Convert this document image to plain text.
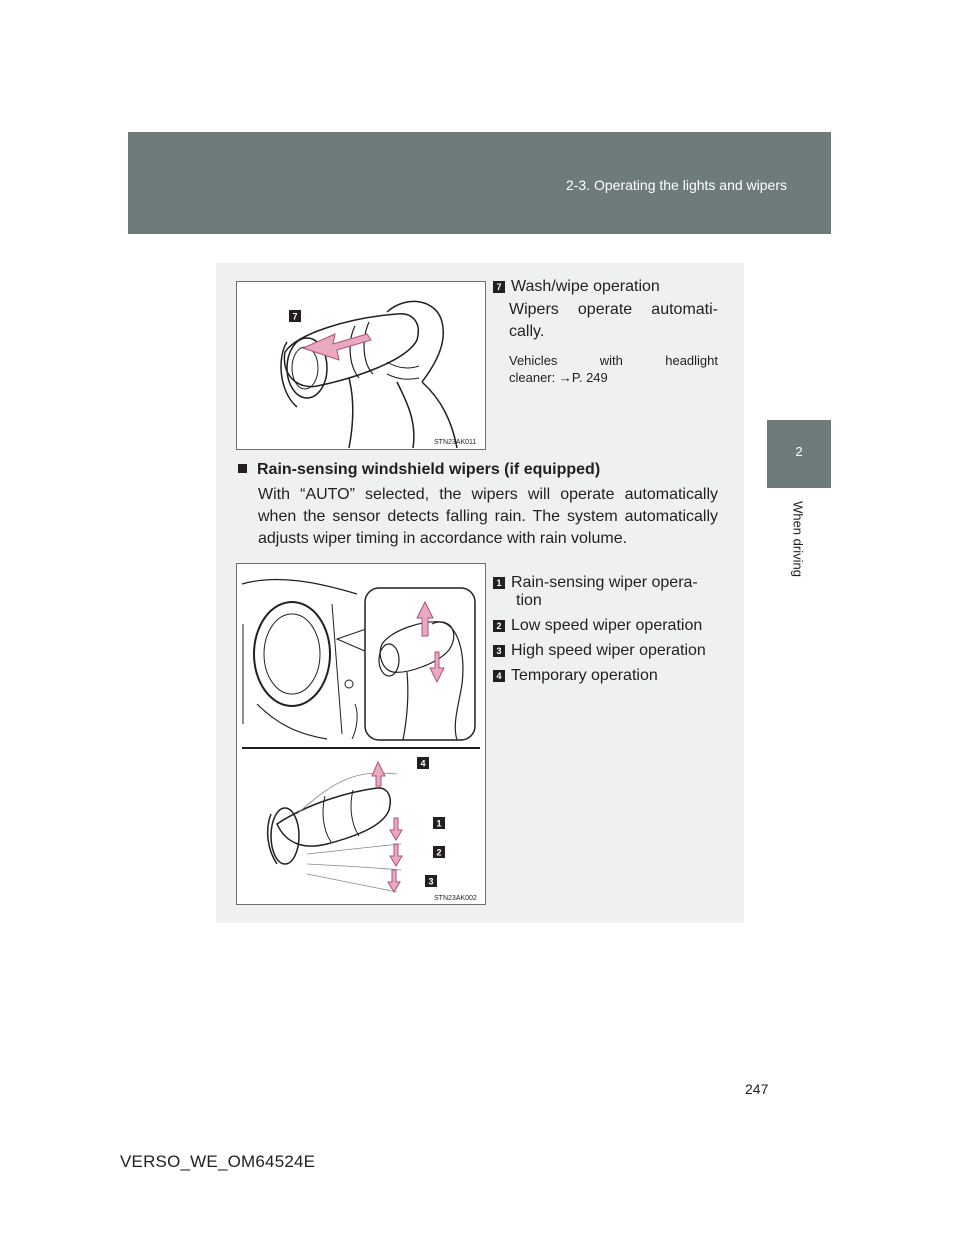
2-3. Operating the lights and wipers
2
When driving
7
STN23AK011
7 Wash/wipe operation
Wipers operate automati-
cally.
Vehicles with headlight
cleaner: →P. 249
Rain-sensing windshield wipers (if equipped)
With “AUTO” selected, the wipers will operate automatically
when the sensor detects falling rain. The system automatically
adjusts wiper timing in accordance with rain volume.
4
1
2
3
STN23AK002
1 Rain-sensing wiper opera-
tion
2 Low speed wiper operation
3 High speed wiper operation
4 Temporary operation
247
VERSO_WE_OM64524E
